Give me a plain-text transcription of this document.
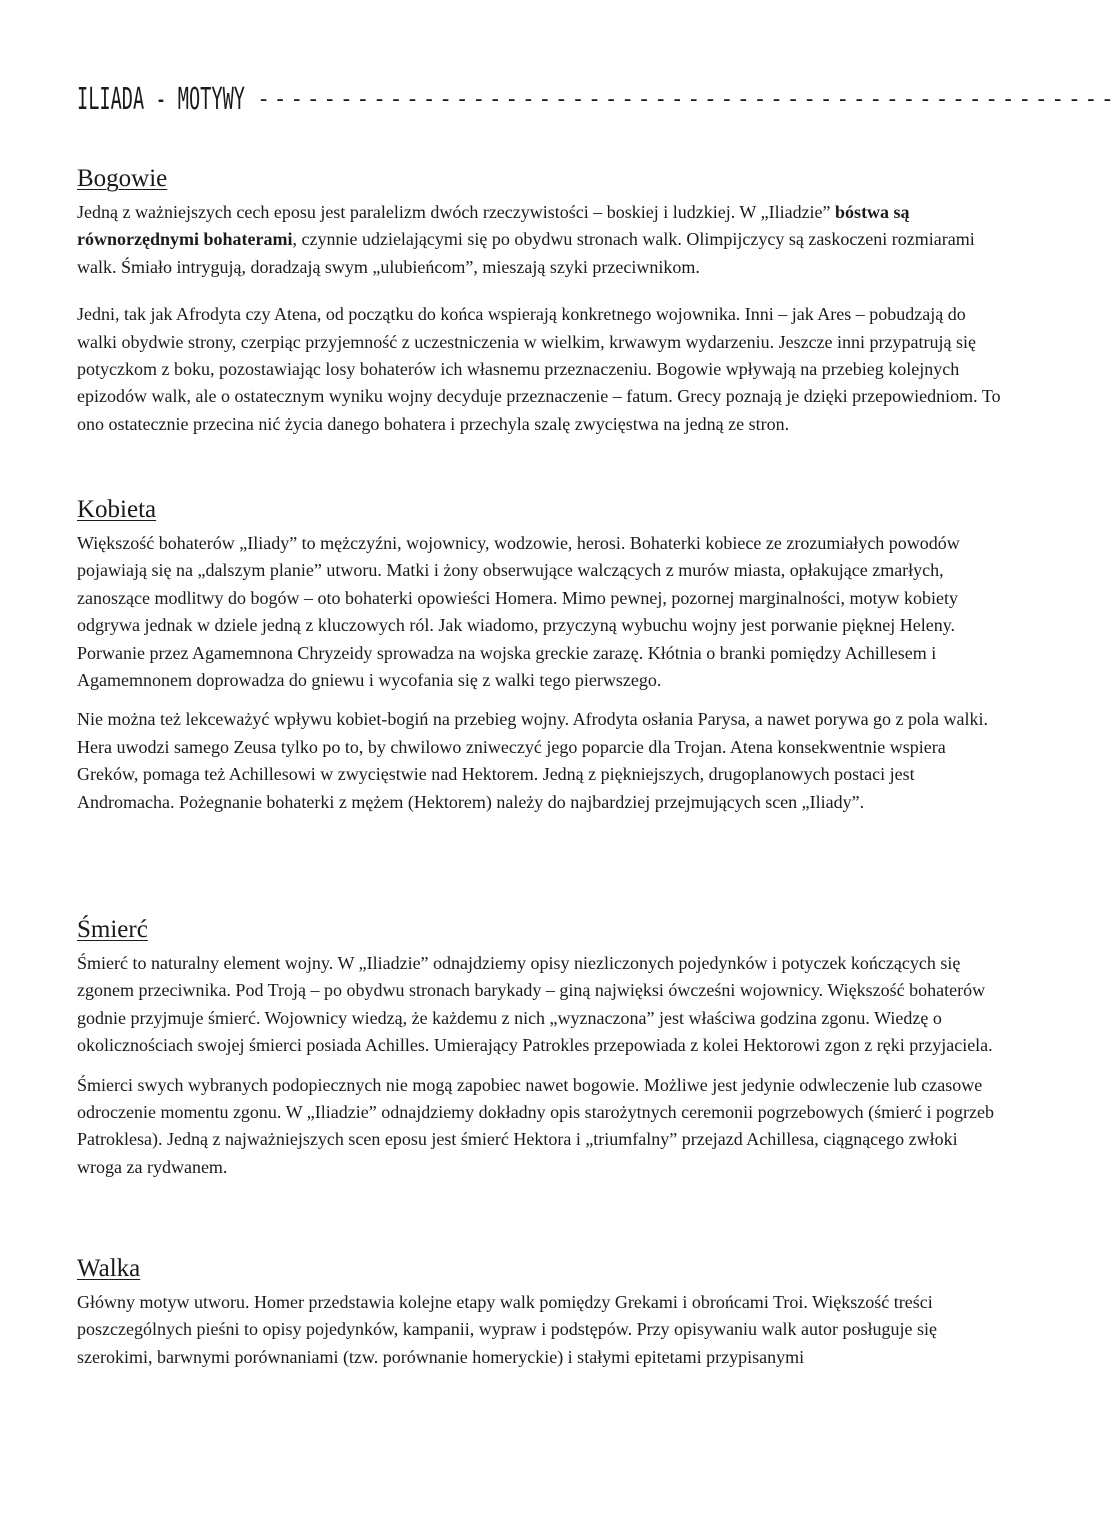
ILIADA - MOTYWY ----------------------------------------------------
Bogowie

Jedną z ważniejszych cech eposu jest paralelizm dwóch rzeczywistości – boskiej i ludzkiej. W „Iliadzie” bóstwa są równorzędnymi bohaterami, czynnie udzielającymi się po obydwu stronach walk. Olimpijczycy są zaskoczeni rozmiarami walk. Śmiało intrygują, doradzają swym „ulubieńcom”, mieszają szyki przeciwnikom.

Jedni, tak jak Afrodyta czy Atena, od początku do końca wspierają konkretnego wojownika. Inni – jak Ares – pobudzają do walki obydwie strony, czerpiąc przyjemność z uczestniczenia w wielkim, krwawym wydarzeniu. Jeszcze inni przypatrują się potyczkom z boku, pozostawiając losy bohaterów ich własnemu przeznaczeniu. Bogowie wpływają na przebieg kolejnych epizodów walk, ale o ostatecznym wyniku wojny decyduje przeznaczenie – fatum. Grecy poznają je dzięki przepowiedniom. To ono ostatecznie przecina nić życia danego bohatera i przechyla szalę zwycięstwa na jedną ze stron.

Kobieta

Większość bohaterów „Iliady” to mężczyźni, wojownicy, wodzowie, herosi. Bohaterki kobiece ze zrozumiałych powodów pojawiają się na „dalszym planie” utworu. Matki i żony obserwujące walczących z murów miasta, opłakujące zmarłych, zanoszące modlitwy do bogów – oto bohaterki opowieści Homera. Mimo pewnej, pozornej marginalności, motyw kobiety odgrywa jednak w dziele jedną z kluczowych ról. Jak wiadomo, przyczyną wybuchu wojny jest porwanie pięknej Heleny. Porwanie przez Agamemnona Chryzeidy sprowadza na wojska greckie zarazę. Kłótnia o branki pomiędzy Achillesem i Agamemnonem doprowadza do gniewu i wycofania się z walki tego pierwszego.

Nie można też lekceważyć wpływu kobiet-bogiń na przebieg wojny. Afrodyta osłania Parysa, a nawet porywa go z pola walki. Hera uwodzi samego Zeusa tylko po to, by chwilowo zniweczyć jego poparcie dla Trojan. Atena konsekwentnie wspiera Greków, pomaga też Achillesowi w zwycięstwie nad Hektorem. Jedną z piękniejszych, drugoplanowych postaci jest Andromacha. Pożegnanie bohaterki z mężem (Hektorem) należy do najbardziej przejmujących scen „Iliady”.

Śmierć

Śmierć to naturalny element wojny. W „Iliadzie” odnajdziemy opisy niezliczonych pojedynków i potyczek kończących się zgonem przeciwnika. Pod Troją – po obydwu stronach barykady – giną najwięksi ówcześni wojownicy. Większość bohaterów godnie przyjmuje śmierć. Wojownicy wiedzą, że każdemu z nich „wyznaczona” jest właściwa godzina zgonu. Wiedzę o okolicznościach swojej śmierci posiada Achilles. Umierający Patrokles przepowiada z kolei Hektorowi zgon z ręki przyjaciela.

Śmierci swych wybranych podopiecznych nie mogą zapobiec nawet bogowie. Możliwe jest jedynie odwleczenie lub czasowe odroczenie momentu zgonu. W „Iliadzie” odnajdziemy dokładny opis starożytnych ceremonii pogrzebowych (śmierć i pogrzeb Patroklesa). Jedną z najważniejszych scen eposu jest śmierć Hektora i „triumfalny” przejazd Achillesa, ciągnącego zwłoki wroga za rydwanem.

Walka

Główny motyw utworu. Homer przedstawia kolejne etapy walk pomiędzy Grekami i obrońcami Troi. Większość treści poszczególnych pieśni to opisy pojedynków, kampanii, wypraw i podstępów. Przy opisywaniu walk autor posługuje się szerokimi, barwnymi porównaniami (tzw. porównanie homeryckie) i stałymi epitetami przypisanymi
